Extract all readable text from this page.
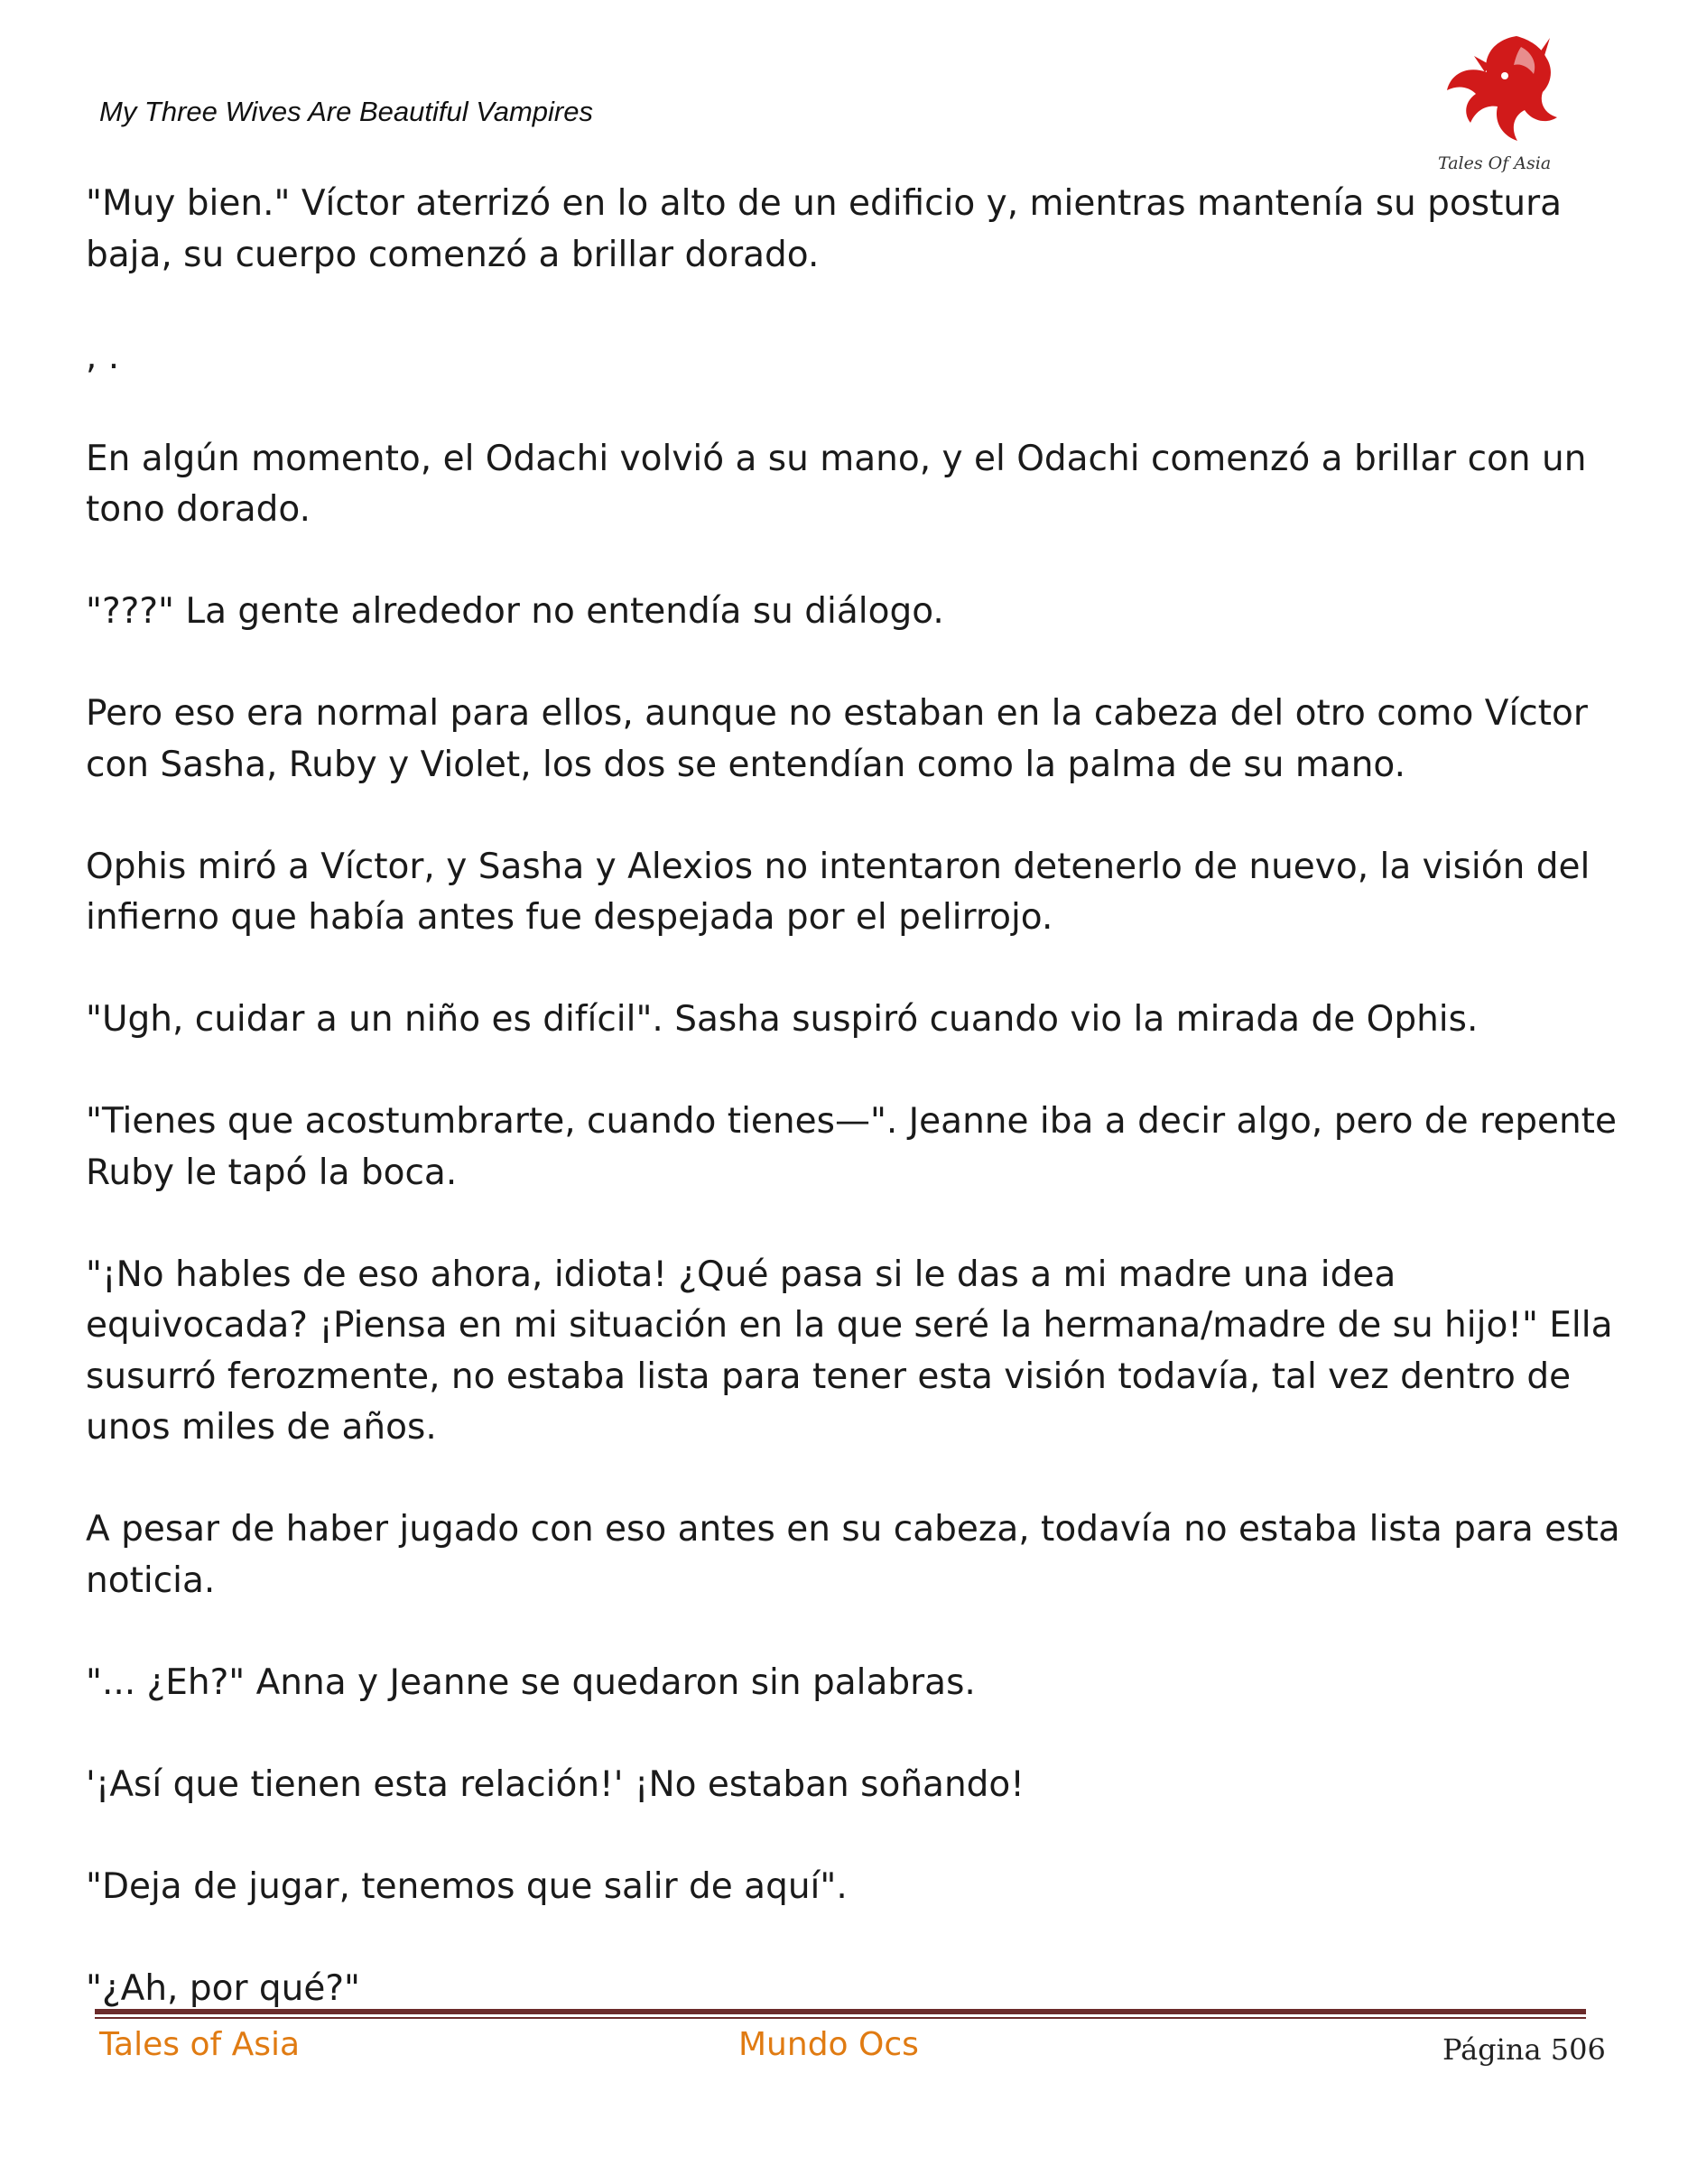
My Three Wives Are Beautiful Vampires
Tales Of Asia

"Muy bien." Víctor aterrizó en lo alto de un edificio y, mientras mantenía su postura baja, su cuerpo comenzó a brillar dorado.

, .

En algún momento, el Odachi volvió a su mano, y el Odachi comenzó a brillar con un tono dorado.

"???" La gente alrededor no entendía su diálogo.

Pero eso era normal para ellos, aunque no estaban en la cabeza del otro como Víctor con Sasha, Ruby y Violet, los dos se entendían como la palma de su mano.

Ophis miró a Víctor, y Sasha y Alexios no intentaron detenerlo de nuevo, la visión del infierno que había antes fue despejada por el pelirrojo.

"Ugh, cuidar a un niño es difícil". Sasha suspiró cuando vio la mirada de Ophis.

"Tienes que acostumbrarte, cuando tienes—". Jeanne iba a decir algo, pero de repente Ruby le tapó la boca.

"¡No hables de eso ahora, idiota! ¿Qué pasa si le das a mi madre una idea equivocada? ¡Piensa en mi situación en la que seré la hermana/madre de su hijo!" Ella susurró ferozmente, no estaba lista para tener esta visión todavía, tal vez dentro de unos miles de años.

A pesar de haber jugado con eso antes en su cabeza, todavía no estaba lista para esta noticia.

"... ¿Eh?" Anna y Jeanne se quedaron sin palabras.

'¡Así que tienen esta relación!' ¡No estaban soñando!

"Deja de jugar, tenemos que salir de aquí".

"¿Ah, por qué?"

Tales of Asia	Mundo Ocs	Página 506
